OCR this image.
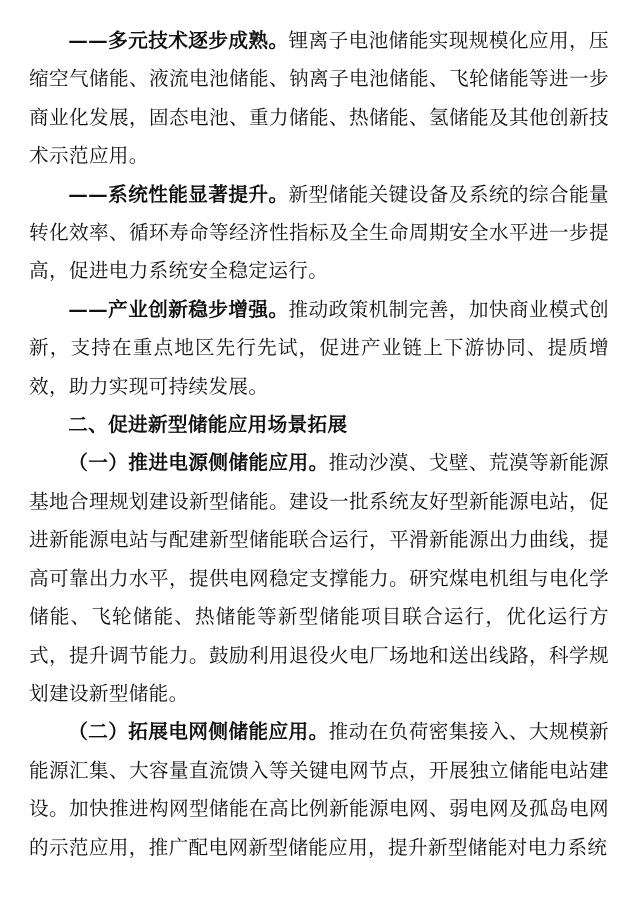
——多元技术逐步成熟。锂离子电池储能实现规模化应用，压缩空气储能、液流电池储能、钠离子电池储能、飞轮储能等进一步商业化发展，固态电池、重力储能、热储能、氢储能及其他创新技术示范应用。

——系统性能显著提升。新型储能关键设备及系统的综合能量转化效率、循环寿命等经济性指标及全生命周期安全水平进一步提高，促进电力系统安全稳定运行。

——产业创新稳步增强。推动政策机制完善，加快商业模式创新，支持在重点地区先行先试，促进产业链上下游协同、提质增效，助力实现可持续发展。

二、促进新型储能应用场景拓展

（一）推进电源侧储能应用。推动沙漠、戈壁、荒漠等新能源基地合理规划建设新型储能。建设一批系统友好型新能源电站，促进新能源电站与配建新型储能联合运行，平滑新能源出力曲线，提高可靠出力水平，提供电网稳定支撑能力。研究煤电机组与电化学储能、飞轮储能、热储能等新型储能项目联合运行，优化运行方式，提升调节能力。鼓励利用退役火电厂场地和送出线路，科学规划建设新型储能。

（二）拓展电网侧储能应用。推动在负荷密集接入、大规模新能源汇集、大容量直流馈入等关键电网节点，开展独立储能电站建设。加快推进构网型储能在高比例新能源电网、弱电网及孤岛电网的示范应用，推广配电网新型储能应用，提升新型储能对电力系统
